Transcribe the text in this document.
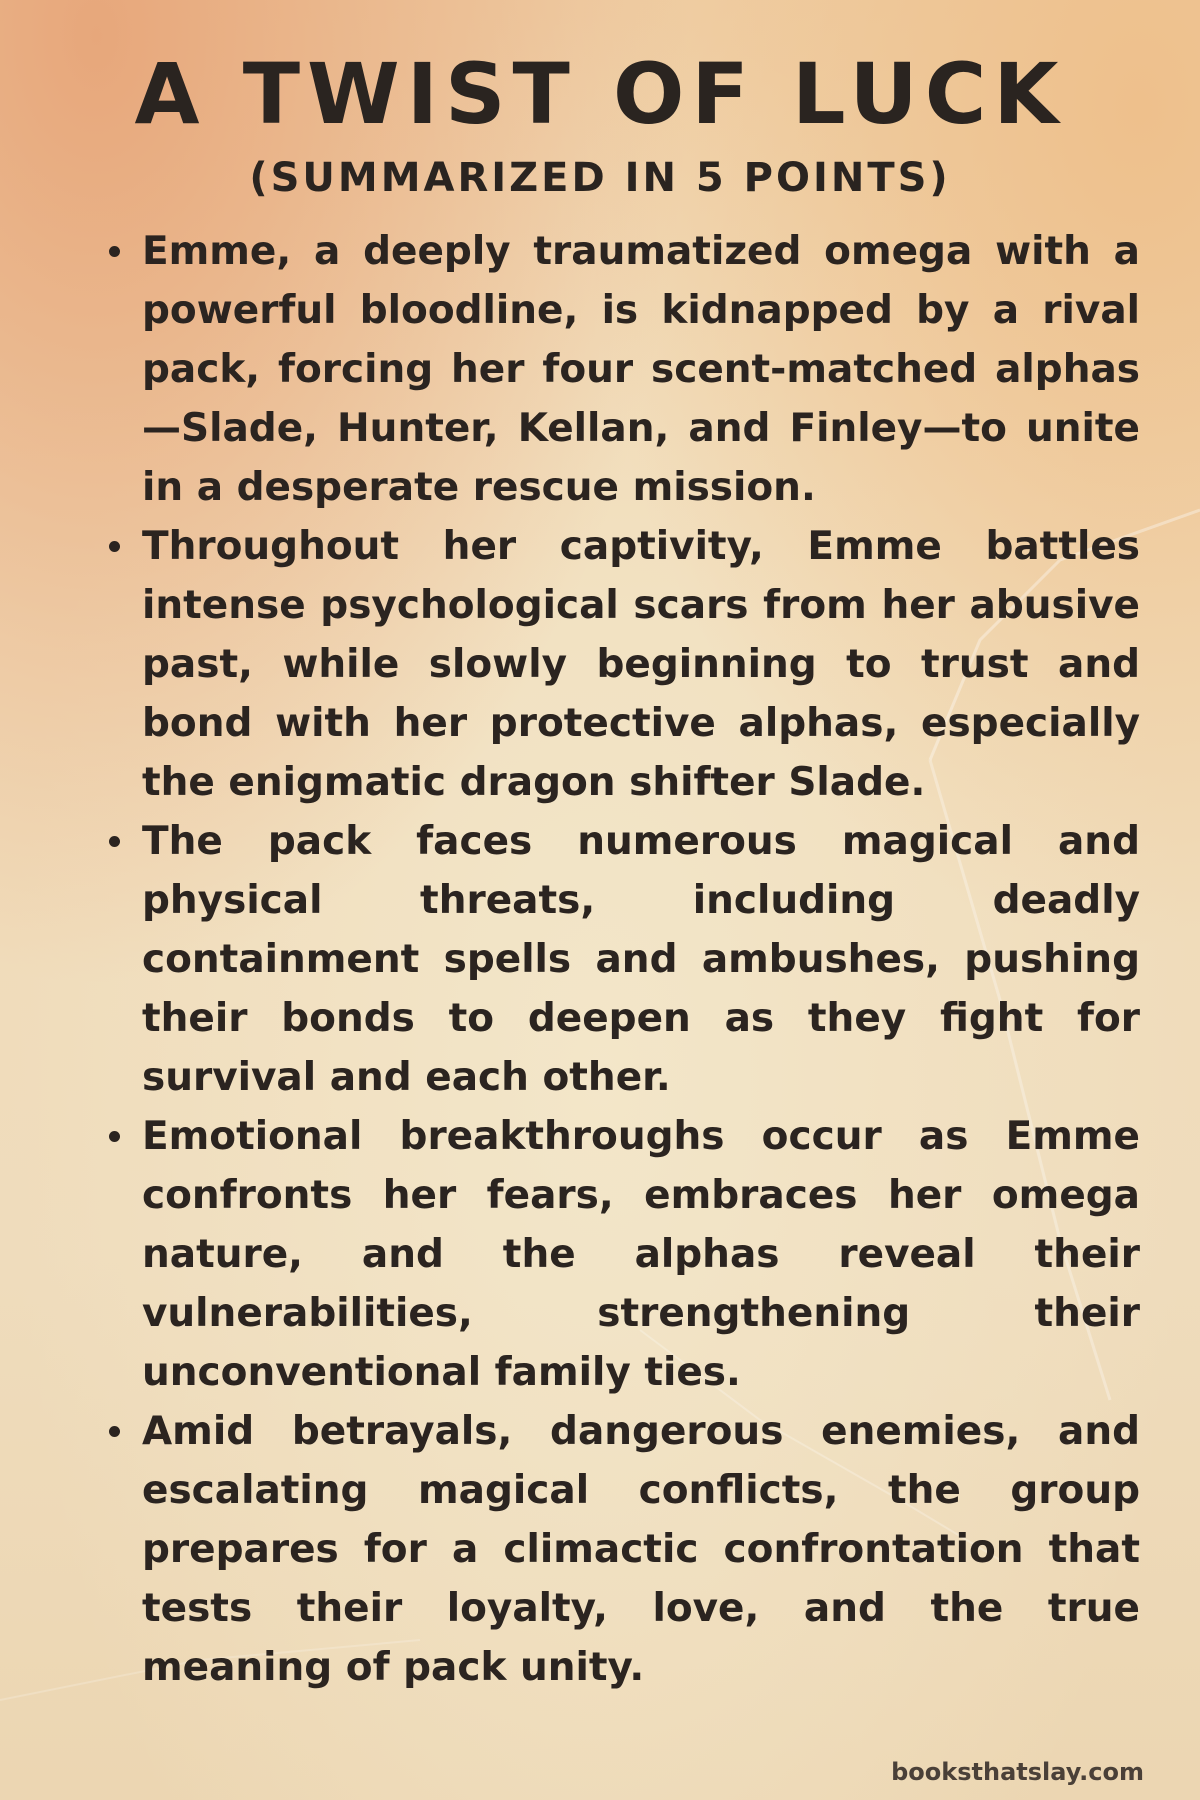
A TWIST OF LUCK
(SUMMARIZED IN 5 POINTS)
Emme, a deeply traumatized omega with a powerful bloodline, is kidnapped by a rival pack, forcing her four scent-matched alphas—Slade, Hunter, Kellan, and Finley—to unite in a desperate rescue mission.
Throughout her captivity, Emme battles intense psychological scars from her abusive past, while slowly beginning to trust and bond with her protective alphas, especially the enigmatic dragon shifter Slade.
The pack faces numerous magical and physical threats, including deadly containment spells and ambushes, pushing their bonds to deepen as they fight for survival and each other.
Emotional breakthroughs occur as Emme confronts her fears, embraces her omega nature, and the alphas reveal their vulnerabilities, strengthening their unconventional family ties.
Amid betrayals, dangerous enemies, and escalating magical conflicts, the group prepares for a climactic confrontation that tests their loyalty, love, and the true meaning of pack unity.
booksthatslay.com
